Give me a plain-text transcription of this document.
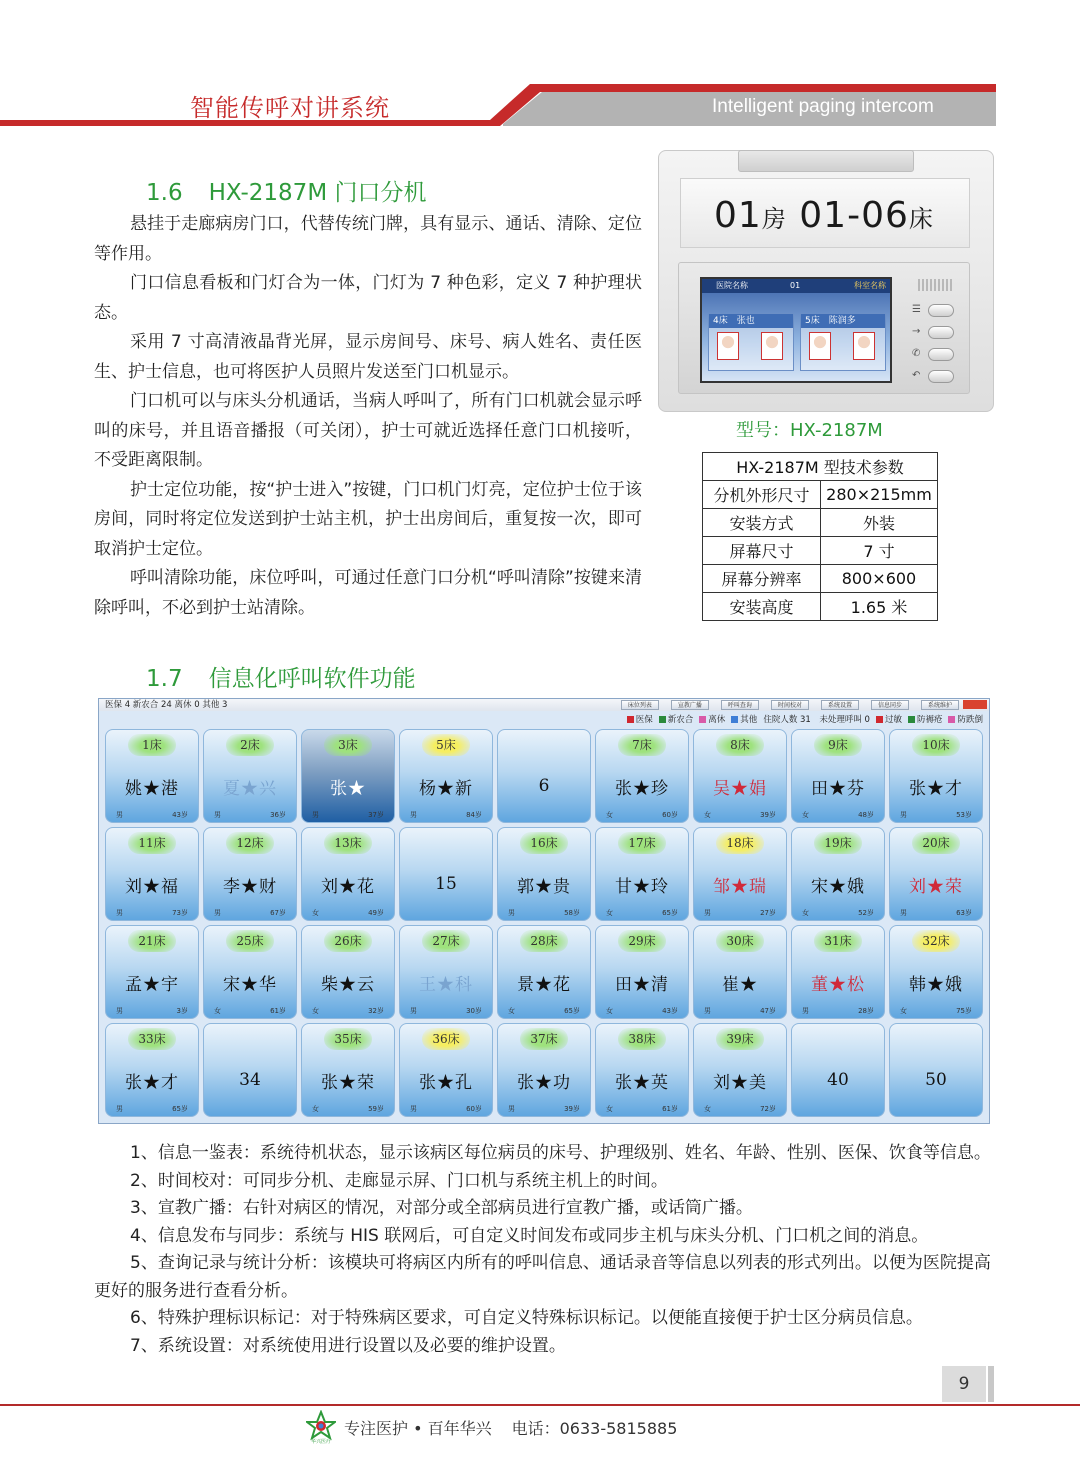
智能传呼对讲系统	Intelligent paging intercom
1.6 HX-2187M 门口分机

悬挂于走廊病房门口，代替传统门牌，具有显示、通话、清除、定位等作用。

门口信息看板和门灯合为一体，门灯为 7 种色彩，定义 7 种护理状态。

采用 7 寸高清液晶背光屏，显示房间号、床号、病人姓名、责任医生、护士信息，也可将医护人员照片发送至门口机显示。

门口机可以与床头分机通话，当病人呼叫了，所有门口机就会显示呼叫的床号，并且语音播报（可关闭），护士可就近选择任意门口机接听，不受距离限制。

护士定位功能，按“护士进入”按键，门口机门灯亮，定位护士位于该房间，同时将定位发送到护士站主机，护士出房间后，重复按一次，即可取消护士定位。

呼叫清除功能，床位呼叫，可通过任意门口分机“呼叫清除”按键来清除呼叫，不必到护士站清除。

01房 01-06床
医院名称	01	科室名称
4床　张也	5床　陈润多
☰
→
✆
↶
型号：HX-2187M
HX-2187M 型技术参数	
分机外形尺寸	280×215mm
安装方式	外装
屏幕尺寸	7 寸
屏幕分辨率	800×600
安装高度	1.65 米
1.7 信息化呼叫软件功能
医保 4 新农合 24 离休 0 其他 3	床位列表	宣教广播	呼叫查询	时间校对	系统设置	信息同步	系统维护
医保	新农合	离休	其他 住院人数 31　未处理呼叫 0	过敏	防褥疮	防跌倒
1床
姚★港
男	43岁
2床
夏★兴
男	36岁
3床
张★
男	37岁
5床
杨★新
男	84岁
6
7床
张★珍
女	60岁
8床
吴★娟
女	39岁
9床
田★芬
女	48岁
10床
张★才
男	53岁
11床
刘★福
男	73岁
12床
李★财
男	67岁
13床
刘★花
女	49岁
15
16床
郭★贵
男	58岁
17床
甘★玲
女	65岁
18床
邹★瑞
男	27岁
19床
宋★娥
女	52岁
20床
刘★荣
男	63岁
21床
孟★宇
男	3岁
25床
宋★华
女	61岁
26床
柴★云
女	32岁
27床
王★科
男	30岁
28床
景★花
女	65岁
29床
田★清
女	43岁
30床
崔★
男	47岁
31床
董★松
男	28岁
32床
韩★娥
女	75岁
33床
张★才
男	65岁
34
35床
张★荣
女	59岁
36床
张★孔
男	60岁
37床
张★功
男	39岁
38床
张★英
女	61岁
39床
刘★美
女	72岁
40	50

1、信息一鉴表：系统待机状态，显示该病区每位病员的床号、护理级别、姓名、年龄、性别、医保、饮食等信息。

2、时间校对：可同步分机、走廊显示屏、门口机与系统主机上的时间。

3、宣教广播：右针对病区的情况，对部分或全部病员进行宣教广播，或话筒广播。

4、信息发布与同步：系统与 HIS 联网后，可自定义时间发布或同步主机与床头分机、门口机之间的消息。

5、查询记录与统计分析：该模块可将病区内所有的呼叫信息、通话录音等信息以列表的形式列出。以便为医院提高更好的服务进行查看分析。

6、特殊护理标识标记：对于特殊病区要求，可自定义特殊标识标记。以便能直接便于护士区分病员信息。

7、系统设置：对系统使用进行设置以及必要的维护设置。

9
华兴医疗
专注医护 • 百年华兴 电话：0633-5815885
